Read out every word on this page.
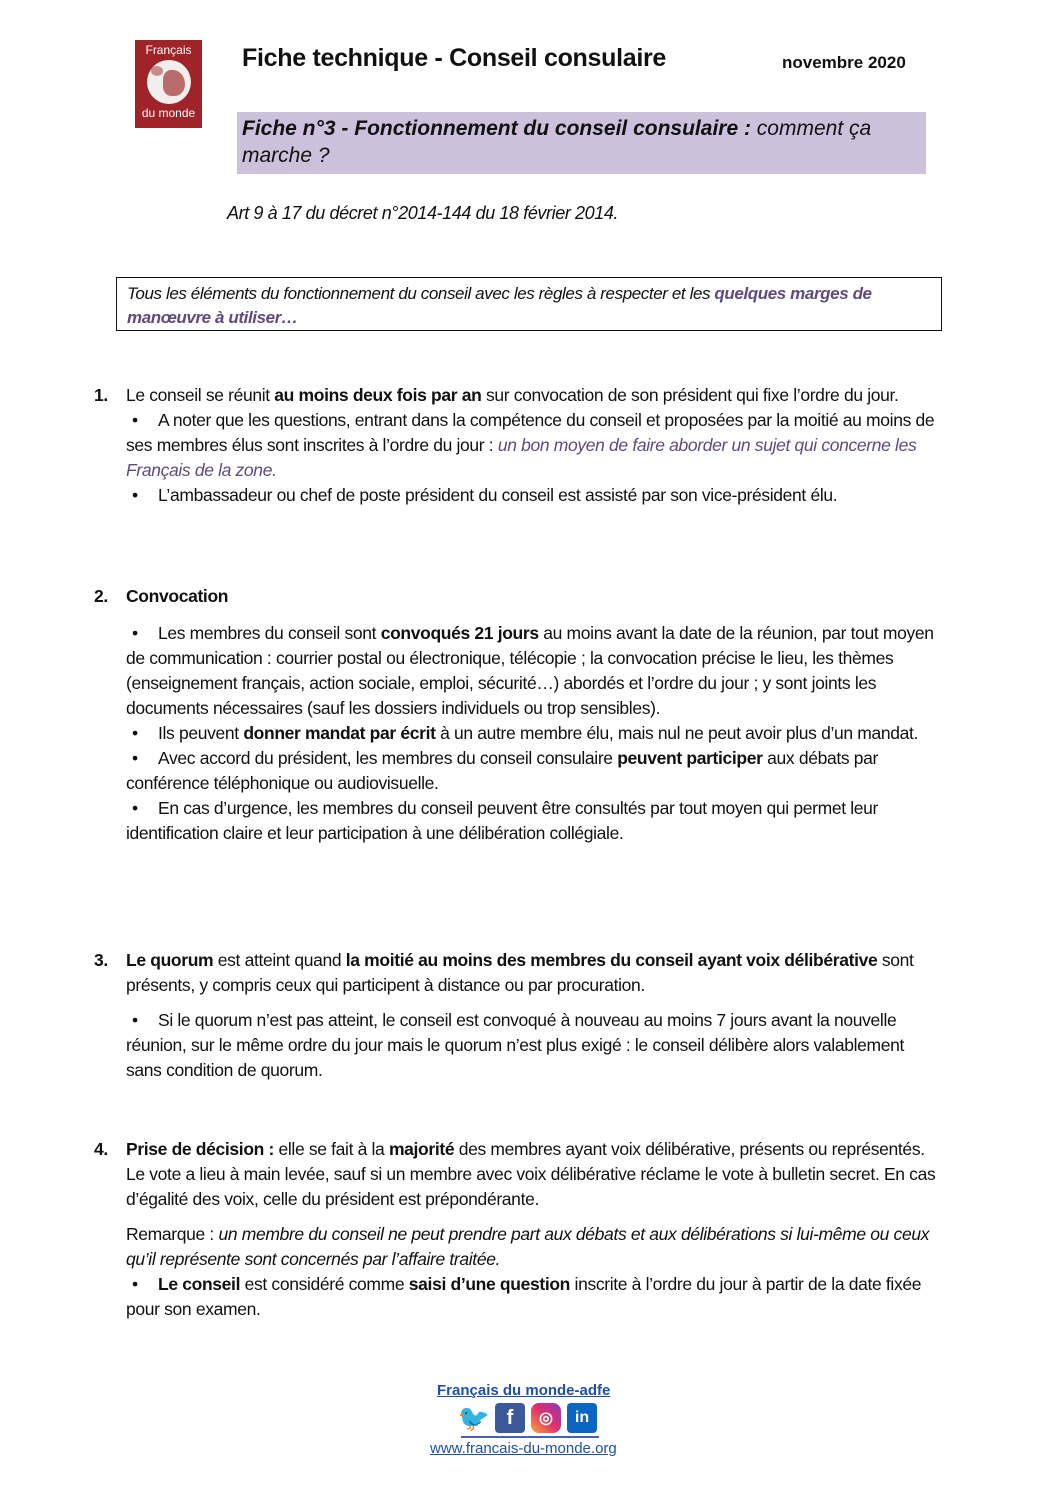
Français
du monde
Fiche technique - Conseil consulaire	novembre 2020
Fiche n°3 - Fonctionnement du conseil consulaire : comment ça marche ?
Art 9 à 17 du décret n°2014-144 du 18 février 2014.
Tous les éléments du fonctionnement du conseil avec les règles à respecter et les quelques marges de manœuvre à utiliser…
1. Le conseil se réunit au moins deux fois par an sur convocation de son président qui fixe l’ordre du jour.
• A noter que les questions, entrant dans la compétence du conseil et proposées par la moitié au moins de ses membres élus sont inscrites à l’ordre du jour : un bon moyen de faire aborder un sujet qui concerne les Français de la zone.
• L’ambassadeur ou chef de poste président du conseil est assisté par son vice-président élu.
2. Convocation
• Les membres du conseil sont convoqués 21 jours au moins avant la date de la réunion, par tout moyen de communication : courrier postal ou électronique, télécopie ; la convocation précise le lieu, les thèmes (enseignement français, action sociale, emploi, sécurité…) abordés et l’ordre du jour ; y sont joints les documents nécessaires (sauf les dossiers individuels ou trop sensibles).
• Ils peuvent donner mandat par écrit à un autre membre élu, mais nul ne peut avoir plus d’un mandat.
• Avec accord du président, les membres du conseil consulaire peuvent participer aux débats par conférence téléphonique ou audiovisuelle.
• En cas d’urgence, les membres du conseil peuvent être consultés par tout moyen qui permet leur identification claire et leur participation à une délibération collégiale.
3. Le quorum est atteint quand la moitié au moins des membres du conseil ayant voix délibérative sont présents, y compris ceux qui participent à distance ou par procuration.
• Si le quorum n’est pas atteint, le conseil est convoqué à nouveau au moins 7 jours avant la nouvelle réunion, sur le même ordre du jour mais le quorum n’est plus exigé : le conseil délibère alors valablement sans condition de quorum.
4. Prise de décision : elle se fait à la majorité des membres ayant voix délibérative, présents ou représentés. Le vote a lieu à main levée, sauf si un membre avec voix délibérative réclame le vote à bulletin secret. En cas d’égalité des voix, celle du président est prépondérante.
Remarque : un membre du conseil ne peut prendre part aux débats et aux délibérations si lui-même ou ceux qu’il représente sont concernés par l’affaire traitée.
• Le conseil est considéré comme saisi d’une question inscrite à l’ordre du jour à partir de la date fixée pour son examen.
Français du monde-adfe
🐦 f	◎	in
www.francais-du-monde.org
